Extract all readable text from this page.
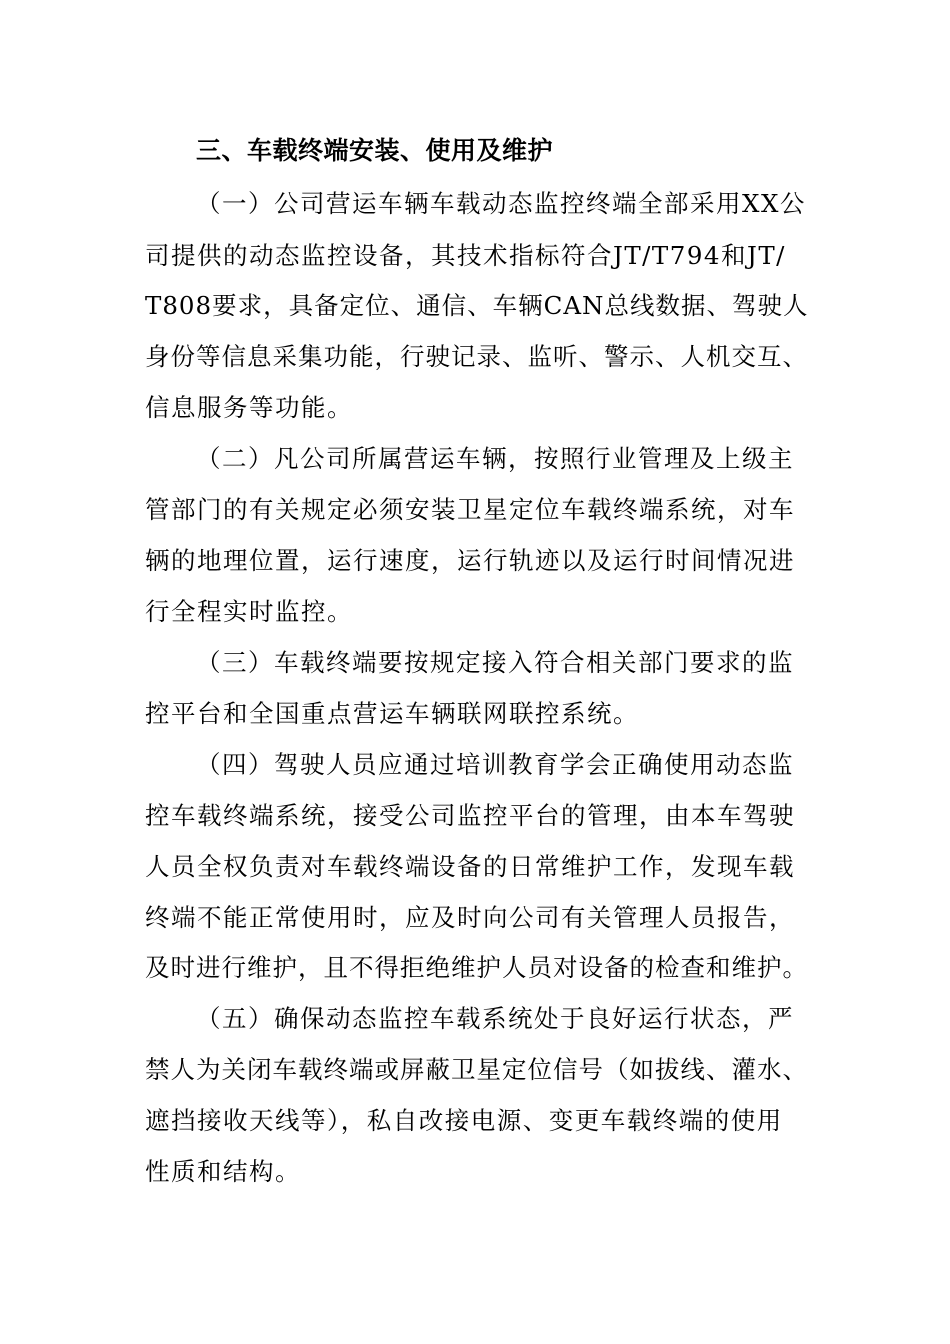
三、车载终端安装、使用及维护
（一）公司营运车辆车载动态监控终端全部采用XX公
司提供的动态监控设备，其技术指标符合JT/T794和JT/
T808要求，具备定位、通信、车辆CAN总线数据、驾驶人
身份等信息采集功能，行驶记录、监听、警示、人机交互、
信息服务等功能。
（二）凡公司所属营运车辆，按照行业管理及上级主
管部门的有关规定必须安装卫星定位车载终端系统，对车
辆的地理位置，运行速度，运行轨迹以及运行时间情况进
行全程实时监控。
（三）车载终端要按规定接入符合相关部门要求的监
控平台和全国重点营运车辆联网联控系统。
（四）驾驶人员应通过培训教育学会正确使用动态监
控车载终端系统，接受公司监控平台的管理，由本车驾驶
人员全权负责对车载终端设备的日常维护工作，发现车载
终端不能正常使用时，应及时向公司有关管理人员报告，
及时进行维护，且不得拒绝维护人员对设备的检查和维护。
（五）确保动态监控车载系统处于良好运行状态，严
禁人为关闭车载终端或屏蔽卫星定位信号（如拔线、灌水、
遮挡接收天线等），私自改接电源、变更车载终端的使用
性质和结构。
